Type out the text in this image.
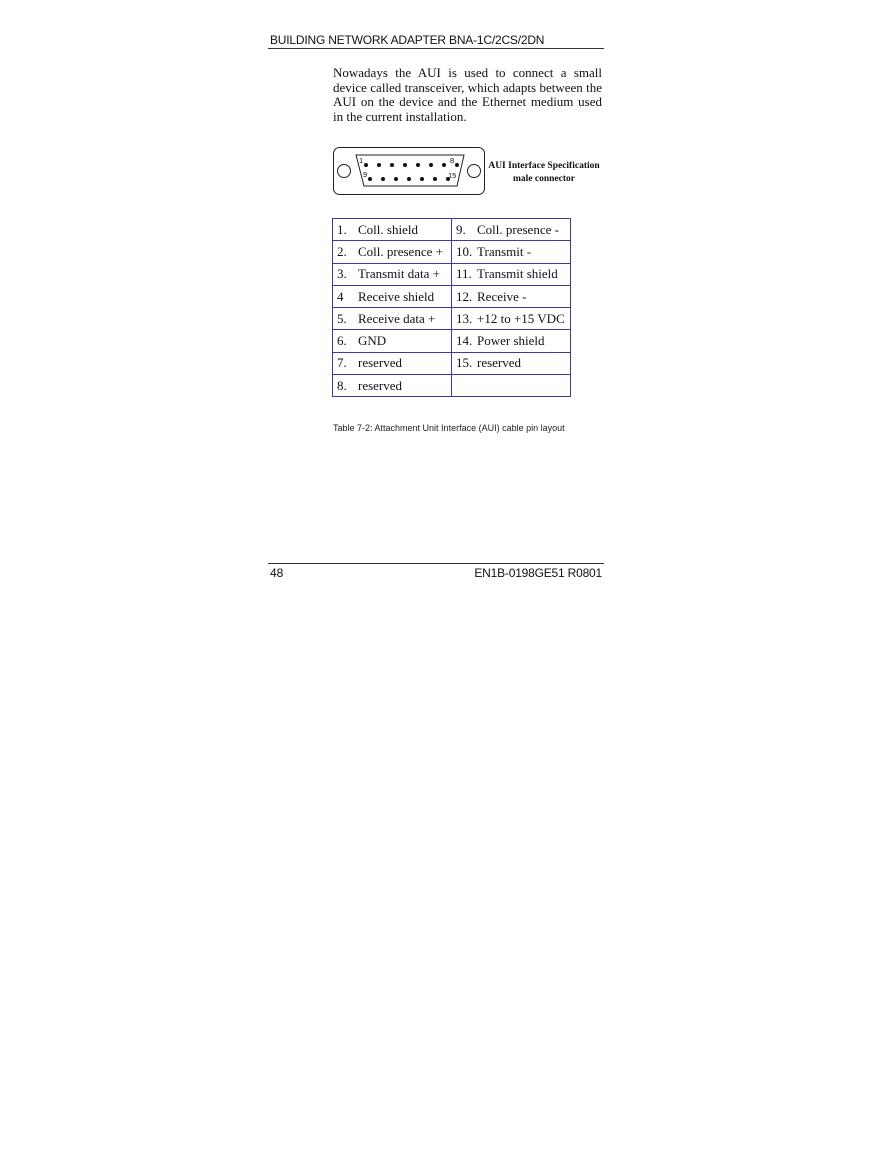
BUILDING NETWORK ADAPTER BNA-1C/2CS/2DN

Nowadays the AUI is used to connect a small device called transceiver, which adapts between the AUI on the device and the Ethernet medium used in the current installation.

1	8
9	15
AUI Interface Specification
male connector
1. Coll. shield	9. Coll. presence -
2. Coll. presence +	10. Transmit -
3. Transmit data +	11. Transmit shield
4 Receive shield	12. Receive -
5. Receive data +	13. +12 to +15 VDC
6. GND	14. Power shield
7. reserved	15. reserved
8. reserved	
Table 7-2: Attachment Unit Interface (AUI) cable pin layout
48	EN1B-0198GE51 R0801
